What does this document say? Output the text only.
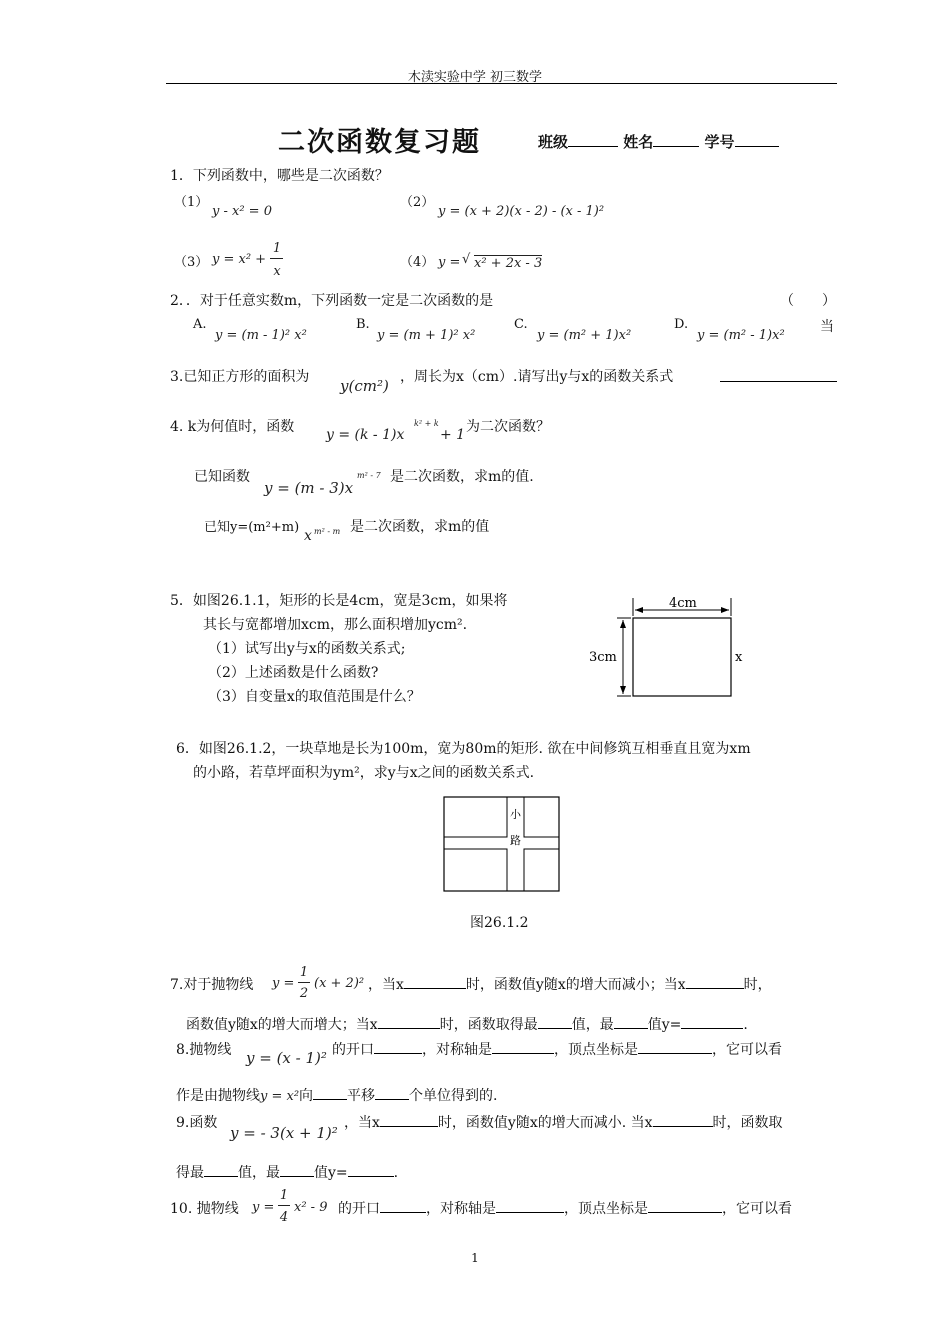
木渎实验中学 初三数学
二次函数复习题	班级	姓名	学号
1．下列函数中，哪些是二次函数？
（1）
y - x² = 0
（2）
y = (x + 2)(x - 2) - (x - 1)²
（3） y = x² +
1
x
（4） y = √ x² + 2x - 3
2．．对于任意实数m，下列函数一定是二次函数的是	（　　）
A.
y = (m - 1)² x²
B.
y = (m + 1)² x²
C.
y = (m² + 1)x²
D.
y = (m² - 1)x²
当
3.已知正方形的面积为 y(cm²) ，周长为x（cm）.请写出y与x的函数关系式
4. k为何值时，函数 y = (k - 1)x
k² + k
+ 1 为二次函数？
已知函数
y = (m - 3)x
m² - 7 是二次函数，求m的值.
已知y=(m²+m)
x m² - m 是二次函数，求m的值
5．如图26.1.1，矩形的长是4cm，宽是3cm，如果将
其长与宽都增加xcm，那么面积增加ycm².
（1）试写出y与x的函数关系式;
（2）上述函数是什么函数?
（3）自变量x的取值范围是什么？
4cm
3cm	x
6．如图26.1.2，一块草地是长为100m，宽为80m的矩形. 欲在中间修筑互相垂直且宽为xm
的小路，若草坪面积为ym²，求y与x之间的函数关系式.
小
路
图26.1.2
7.对于抛物线 y =
1
2
(x + 2)² ，当x	时，函数值y随x的增大而减小；当x	时，
函数值y随x的增大而增大；当x	时，函数取得最 值，最 值y=	.
8.抛物线 y = (x - 1)² 的开口	，对称轴是	，顶点坐标是	，它可以看
作是由抛物线y = x²向 平移 个单位得到的.
9.函数
y = - 3(x + 1)²
，当x	时，函数值y随x的增大而减小. 当x	时，函数取
得最 值，最 值y=	.
10. 抛物线 y =
1
4
x² - 9 的开口	，对称轴是	，顶点坐标是	，它可以看
1
